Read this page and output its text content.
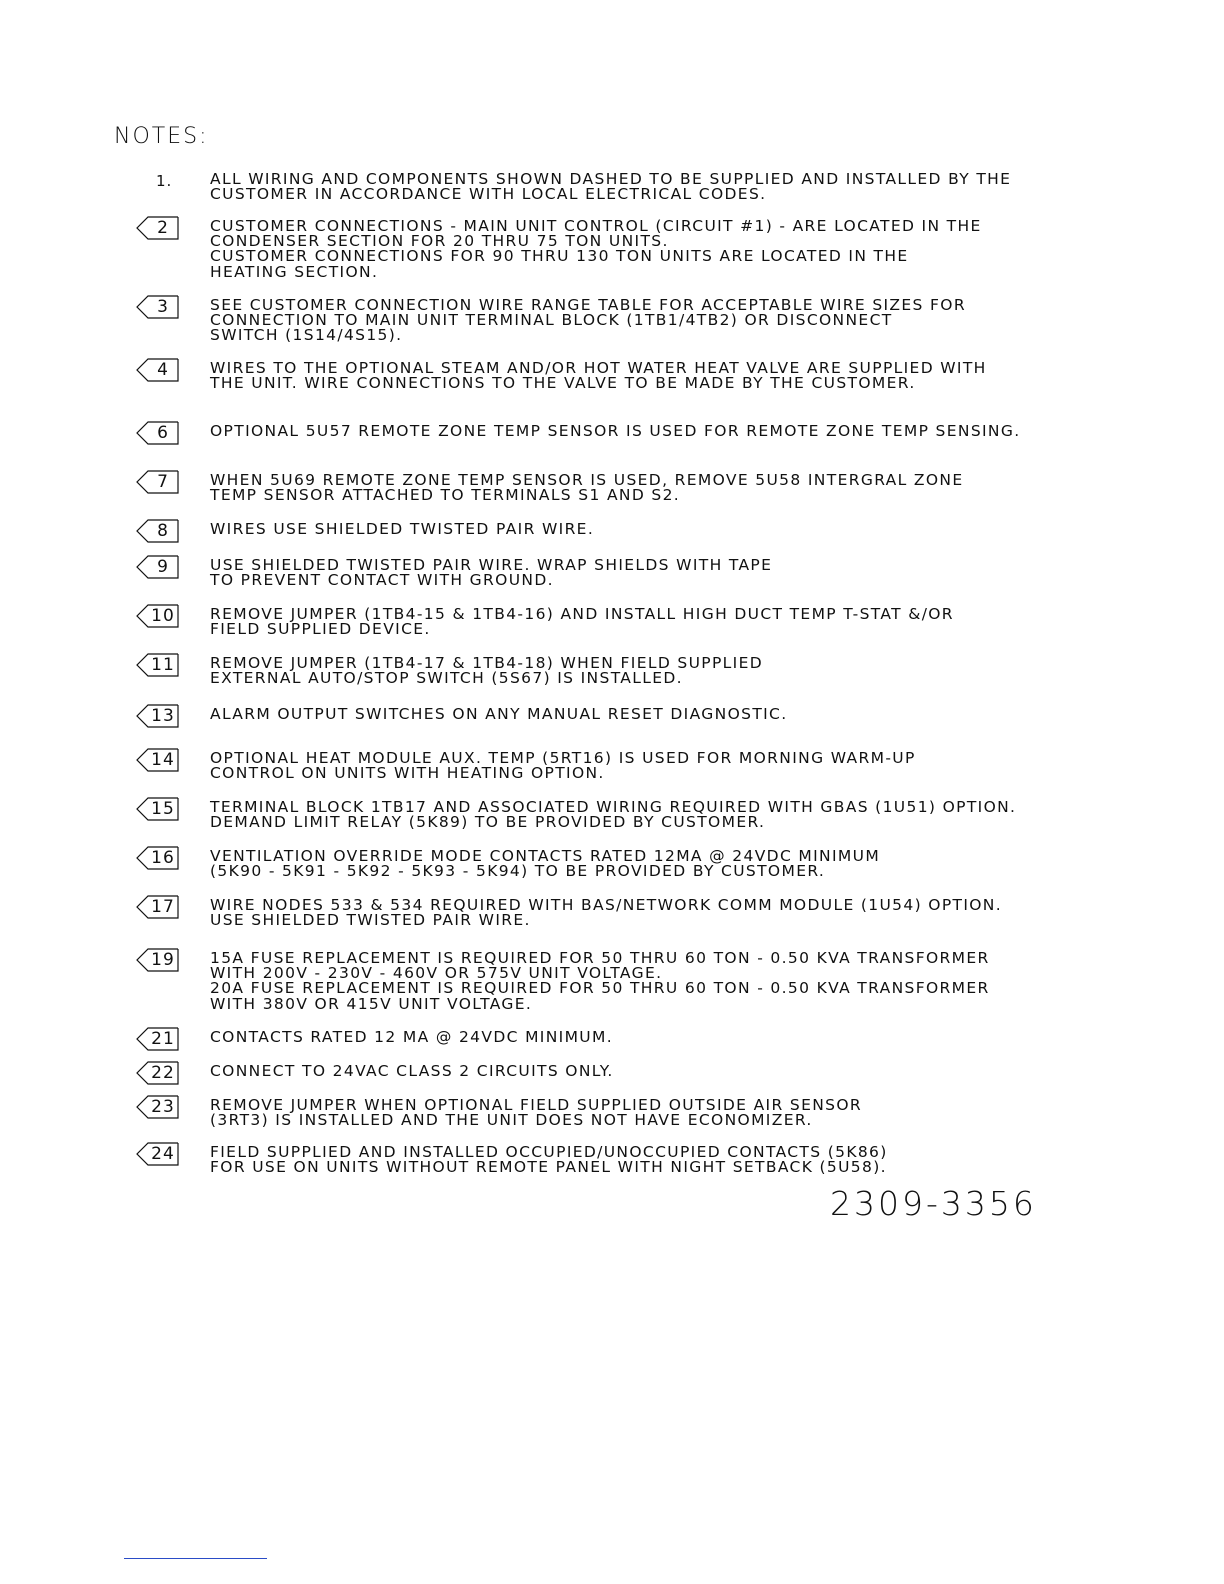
NOTES:
1. ALL WIRING AND COMPONENTS SHOWN DASHED TO BE SUPPLIED AND INSTALLED BY THE
CUSTOMER IN ACCORDANCE WITH LOCAL ELECTRICAL CODES.
2	CUSTOMER CONNECTIONS - MAIN UNIT CONTROL (CIRCUIT #1) - ARE LOCATED IN THE
CONDENSER SECTION FOR 20 THRU 75 TON UNITS.
CUSTOMER CONNECTIONS FOR 90 THRU 130 TON UNITS ARE LOCATED IN THE
HEATING SECTION.
3	SEE CUSTOMER CONNECTION WIRE RANGE TABLE FOR ACCEPTABLE WIRE SIZES FOR
CONNECTION TO MAIN UNIT TERMINAL BLOCK (1TB1/4TB2) OR DISCONNECT
SWITCH (1S14/4S15).
4	WIRES TO THE OPTIONAL STEAM AND/OR HOT WATER HEAT VALVE ARE SUPPLIED WITH
THE UNIT. WIRE CONNECTIONS TO THE VALVE TO BE MADE BY THE CUSTOMER.
6	OPTIONAL 5U57 REMOTE ZONE TEMP SENSOR IS USED FOR REMOTE ZONE TEMP SENSING.
7	WHEN 5U69 REMOTE ZONE TEMP SENSOR IS USED, REMOVE 5U58 INTERGRAL ZONE
TEMP SENSOR ATTACHED TO TERMINALS S1 AND S2.
8	WIRES USE SHIELDED TWISTED PAIR WIRE.
9	USE SHIELDED TWISTED PAIR WIRE. WRAP SHIELDS WITH TAPE
TO PREVENT CONTACT WITH GROUND.
10 REMOVE JUMPER (1TB4-15 & 1TB4-16) AND INSTALL HIGH DUCT TEMP T-STAT &/OR
FIELD SUPPLIED DEVICE.
11 REMOVE JUMPER (1TB4-17 & 1TB4-18) WHEN FIELD SUPPLIED
EXTERNAL AUTO/STOP SWITCH (5S67) IS INSTALLED.
13 ALARM OUTPUT SWITCHES ON ANY MANUAL RESET DIAGNOSTIC.
14 OPTIONAL HEAT MODULE AUX. TEMP (5RT16) IS USED FOR MORNING WARM-UP
CONTROL ON UNITS WITH HEATING OPTION.
15 TERMINAL BLOCK 1TB17 AND ASSOCIATED WIRING REQUIRED WITH GBAS (1U51) OPTION.
DEMAND LIMIT RELAY (5K89) TO BE PROVIDED BY CUSTOMER.
16 VENTILATION OVERRIDE MODE CONTACTS RATED 12MA @ 24VDC MINIMUM
(5K90 - 5K91 - 5K92 - 5K93 - 5K94) TO BE PROVIDED BY CUSTOMER.
17 WIRE NODES 533 & 534 REQUIRED WITH BAS/NETWORK COMM MODULE (1U54) OPTION.
USE SHIELDED TWISTED PAIR WIRE.
19 15A FUSE REPLACEMENT IS REQUIRED FOR 50 THRU 60 TON - 0.50 KVA TRANSFORMER
WITH 200V - 230V - 460V OR 575V UNIT VOLTAGE.
20A FUSE REPLACEMENT IS REQUIRED FOR 50 THRU 60 TON - 0.50 KVA TRANSFORMER
WITH 380V OR 415V UNIT VOLTAGE.
21 CONTACTS RATED 12 MA @ 24VDC MINIMUM.
22 CONNECT TO 24VAC CLASS 2 CIRCUITS ONLY.
23 REMOVE JUMPER WHEN OPTIONAL FIELD SUPPLIED OUTSIDE AIR SENSOR
(3RT3) IS INSTALLED AND THE UNIT DOES NOT HAVE ECONOMIZER.
24 FIELD SUPPLIED AND INSTALLED OCCUPIED/UNOCCUPIED CONTACTS (5K86)
FOR USE ON UNITS WITHOUT REMOTE PANEL WITH NIGHT SETBACK (5U58).
2309-3356
